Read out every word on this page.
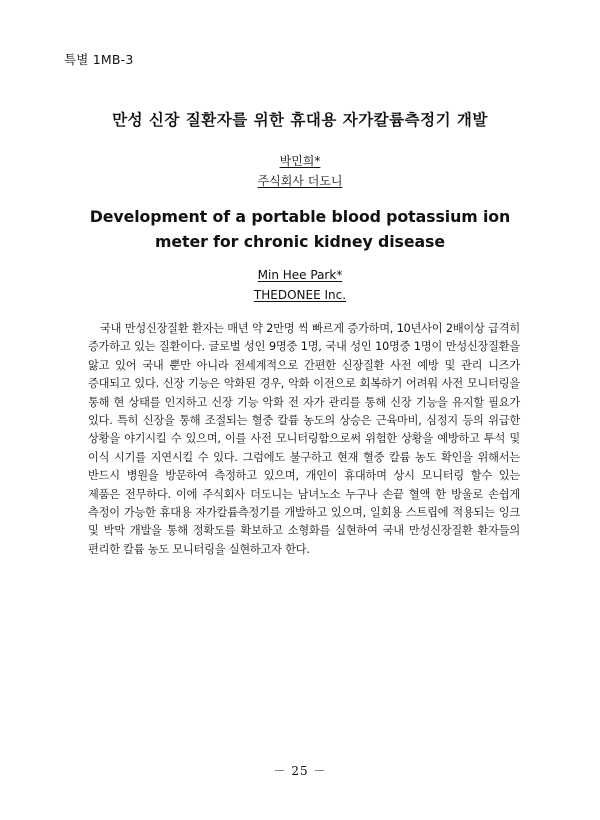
특별 1MB-3
만성 신장 질환자를 위한 휴대용 자가칼륨측정기 개발
박민희*
주식회사 더도니
Development of a portable blood potassium ion meter for chronic kidney disease
Min Hee Park*
THEDONEE Inc.
국내 만성신장질환 환자는 매년 약 2만명 씩 빠르게 증가하며, 10년사이 2배이상 급격히 증가하고 있는 질환이다. 글로벌 성인 9명중 1명, 국내 성인 10명중 1명이 만성신장질환을 앓고 있어 국내 뿐만 아니라 전세계적으로 간편한 신장질환 사전 예방 및 관리 니즈가 증대되고 있다. 신장 기능은 악화된 경우, 악화 이전으로 회복하기 어려워 사전 모니터링을 통해 현 상태를 인지하고 신장 기능 악화 전 자가 관리를 통해 신장 기능을 유지할 필요가 있다. 특히 신장을 통해 조절되는 혈중 칼륨 농도의 상승은 근육마비, 심정지 등의 위급한 상황을 야기시킬 수 있으며, 이를 사전 모니터링함으로써 위험한 상황을 예방하고 투석 및 이식 시기를 지연시킬 수 있다. 그럼에도 불구하고 현재 혈중 칼륨 농도 확인을 위해서는 반드시 병원을 방문하여 측정하고 있으며, 개인이 휴대하며 상시 모니터링 할수 있는 제품은 전무하다. 이에 주식회사 더도니는 남녀노소 누구나 손끝 혈액 한 방울로 손쉽게 측정이 가능한 휴대용 자가칼륨측정기를 개발하고 있으며, 일회용 스트립에 적용되는 잉크 및 박막 개발을 통해 정확도를 확보하고 소형화를 실현하여 국내 만성신장질환 환자들의 편리한 칼륨 농도 모니터링을 실현하고자 한다.
－ 25 －
